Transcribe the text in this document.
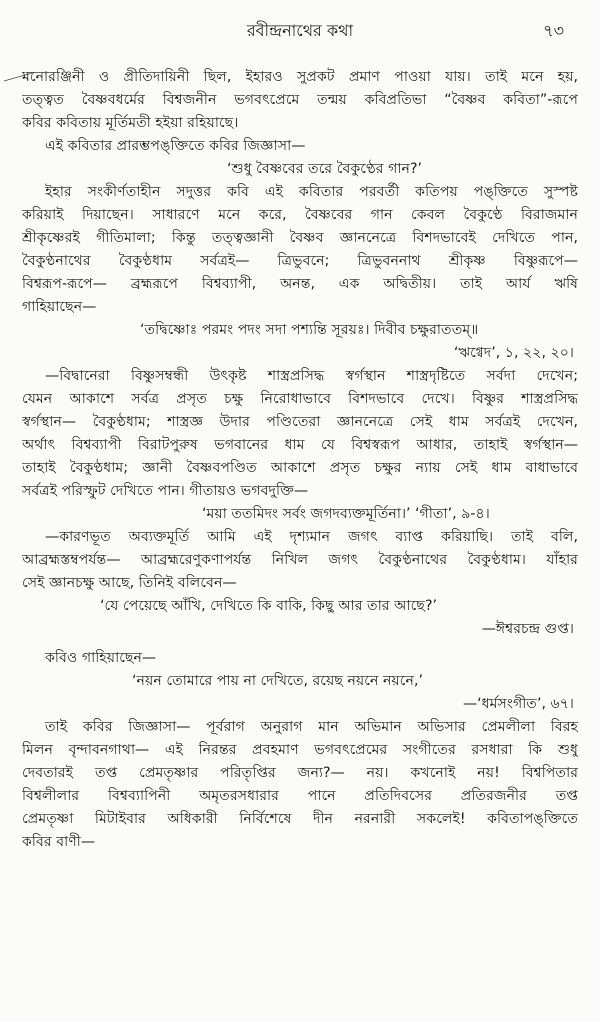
রবীন্দ্রনাথের কথা	৭৩
মনোরঞ্জিনী ও প্রীতিদায়িনী ছিল, ইহারও সুপ্রকট প্রমাণ পাওয়া যায়। তাই মনে হয়,
তত্ত্বত বৈষ্ণবধর্মের বিশ্বজনীন ভগবৎপ্রেমে তন্ময় কবিপ্রতিভা “বৈষ্ণব কবিতা”-রূপে
কবির কবিতায় মূর্তিমতী হইয়া রহিয়াছে।
এই কবিতার প্রারম্ভপঙ্‌ক্তিতে কবির জিজ্ঞাসা—
‘শুধু বৈষ্ণবের তরে বৈকুণ্ঠের গান?’
ইহার সংকীর্ণতাহীন সদুত্তর কবি এই কবিতার পরবর্তী কতিপয় পঙ্‌ক্তিতে সুস্পষ্ট
করিয়াই দিয়াছেন। সাধারণে মনে করে, বৈষ্ণবের গান কেবল বৈকুণ্ঠে বিরাজমান
শ্রীকৃষ্ণেরই গীতিমালা; কিন্তু তত্ত্বজ্ঞানী বৈষ্ণব জ্ঞাননেত্রে বিশদভাবেই দেখিতে পান,
বৈকুণ্ঠনাথের বৈকুণ্ঠধাম সর্বত্রই— ত্রিভুবনে; ত্রিভুবননাথ শ্রীকৃষ্ণ বিষ্ণুরূপে—
বিশ্বরূপ-রূপে— ব্রহ্মরূপে বিশ্বব্যাপী, অনন্ত, এক অদ্বিতীয়। তাই আর্য ঋষি
গাহিয়াছেন—
‘তদ্বিষ্ণোঃ পরমং পদং সদা পশ্যন্তি সূরয়ঃ। দিবীব চক্ষুরাততম্‌॥
‘ঋগ্বেদ’, ১, ২২, ২০।
—বিদ্বানেরা বিষ্ণুসম্বন্ধী উৎকৃষ্ট শাস্ত্রপ্রসিদ্ধ স্বর্গস্থান শাস্ত্রদৃষ্টিতে সর্বদা দেখেন;
যেমন আকাশে সর্বত্র প্রসৃত চক্ষু নিরোধাভাবে বিশদভাবে দেখে। বিষ্ণুর শাস্ত্রপ্রসিদ্ধ
স্বর্গস্থান— বৈকুণ্ঠধাম; শাস্ত্রজ্ঞ উদার পণ্ডিতেরা জ্ঞাননেত্রে সেই ধাম সর্বত্রই দেখেন,
অর্থাৎ বিশ্বব্যাপী বিরাটপুরুষ ভগবানের ধাম যে বিশ্বস্বরূপ আধার, তাহাই স্বর্গস্থান—
তাহাই বৈকুণ্ঠধাম; জ্ঞানী বৈষ্ণবপণ্ডিত আকাশে প্রসৃত চক্ষুর ন্যায় সেই ধাম বাধাভাবে
সর্বত্রই পরিস্ফুট দেখিতে পান। গীতায়ও ভগবদুক্তি—
‘ময়া ততমিদং সর্বং জগদব্যক্তমূর্তিনা।’ ‘গীতা’, ৯-৪।
—কারণভূত অব্যক্তমূর্তি আমি এই দৃশ্যমান জগৎ ব্যাপ্ত করিয়াছি। তাই বলি,
আব্রহ্মস্তম্বপর্যন্ত— আব্রহ্মরেণুকণাপর্যন্ত নিখিল জগৎ বৈকুণ্ঠনাথের বৈকুণ্ঠধাম। যাঁহার
সেই জ্ঞানচক্ষু আছে, তিনিই বলিবেন—
‘যে পেয়েছে আঁখি, দেখিতে কি বাকি, কিছু আর তার আছে?’
—ঈশ্বরচন্দ্র গুপ্ত।
কবিও গাহিয়াছেন—
‘নয়ন তোমারে পায় না দেখিতে, রয়েছ নয়নে নয়নে,’
—‘ধর্মসংগীত’, ৬৭।
তাই কবির জিজ্ঞাসা— পূর্বরাগ অনুরাগ মান অভিমান অভিসার প্রেমলীলা বিরহ
মিলন বৃন্দাবনগাথা— এই নিরন্তর প্রবহমাণ ভগবৎপ্রেমের সংগীতের রসধারা কি শুধু
দেবতারই তপ্ত প্রেমতৃষ্ণার পরিতৃপ্তির জন্য?— নয়। কখনোই নয়! বিশ্বপিতার
বিশ্বলীলার বিশ্বব্যাপিনী অমৃতরসধারার পানে প্রতিদিবসের প্রতিরজনীর তপ্ত
প্রেমতৃষ্ণা মিটাইবার অধিকারী নির্বিশেষে দীন নরনারী সকলেই! কবিতাপঙ্‌ক্তিতে
কবির বাণী—
